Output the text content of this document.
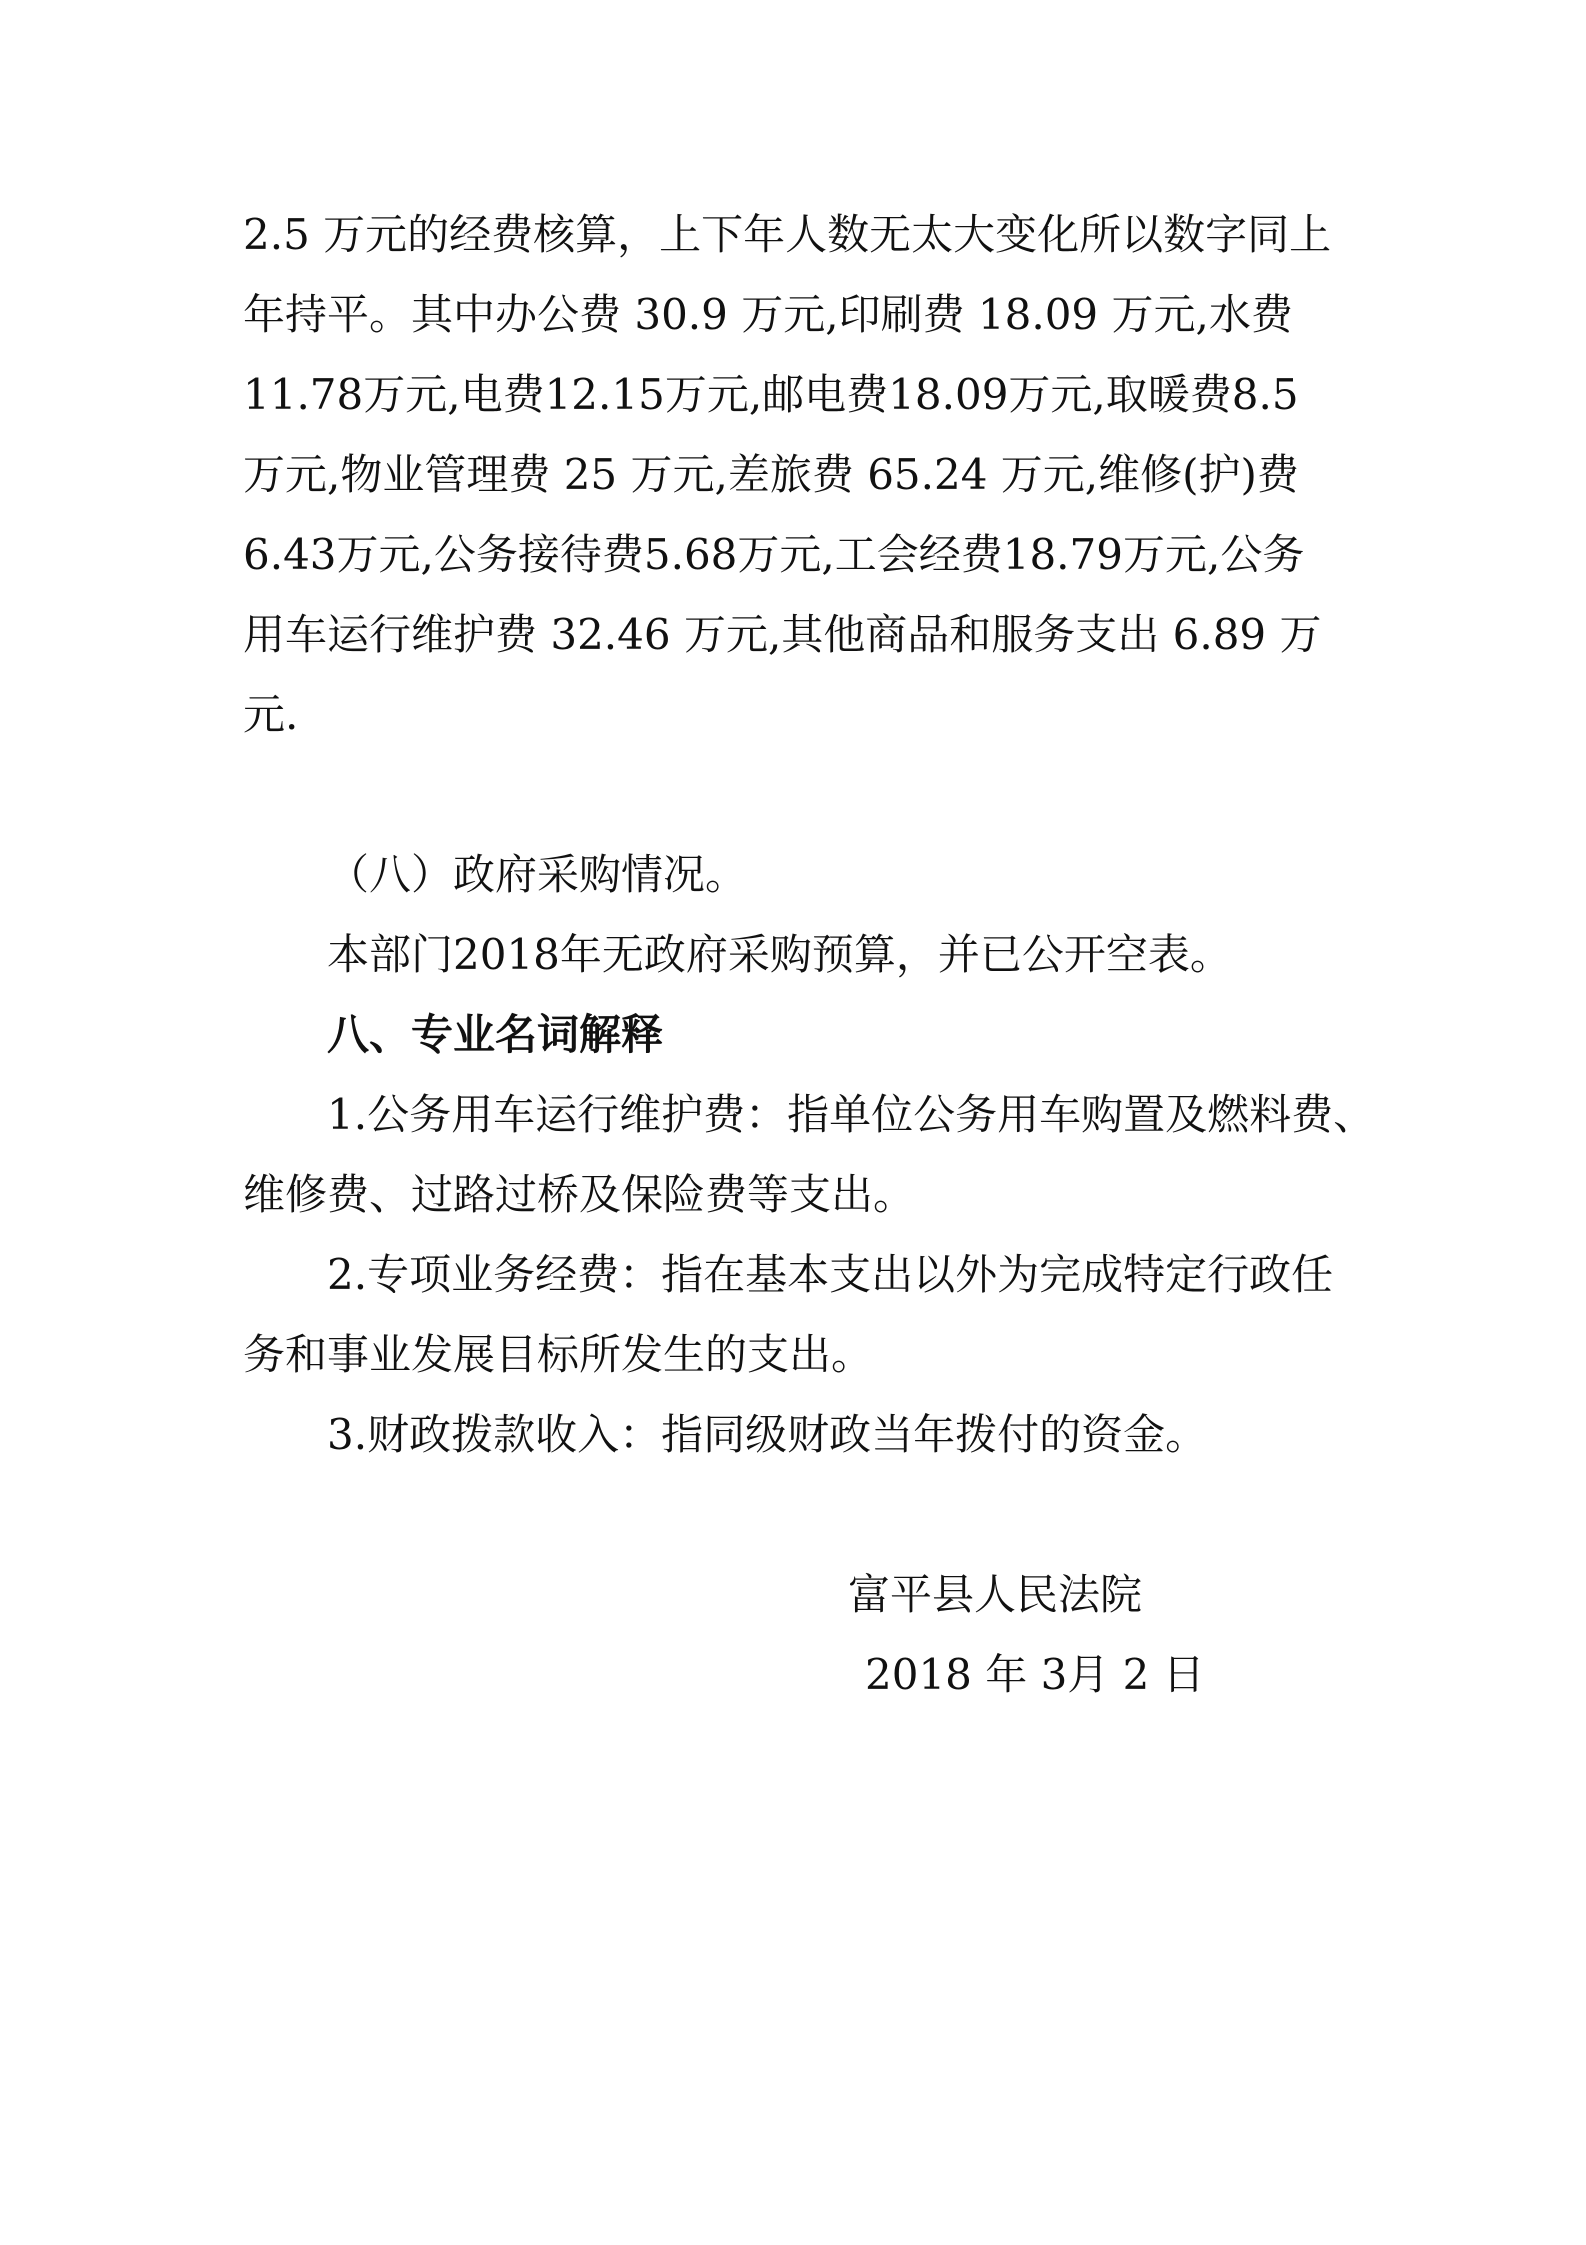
2.5 万元的经费核算，上下年人数无太大变化所以数字同上

年持平。其中办公费 30.9 万元,印刷费 18.09 万元,水费

11.78万元,电费12.15万元,邮电费18.09万元,取暖费8.5

万元,物业管理费 25 万元,差旅费 65.24 万元,维修(护)费

6.43万元,公务接待费5.68万元,工会经费18.79万元,公务

用车运行维护费 32.46 万元,其他商品和服务支出 6.89 万

元.

（八）政府采购情况。

本部门2018年无政府采购预算，并已公开空表。

八、专业名词解释

1.公务用车运行维护费：指单位公务用车购置及燃料费、

维修费、过路过桥及保险费等支出。

2.专项业务经费：指在基本支出以外为完成特定行政任

务和事业发展目标所发生的支出。

3.财政拨款收入：指同级财政当年拨付的资金。

富平县人民法院

2018 年 3月 2 日
